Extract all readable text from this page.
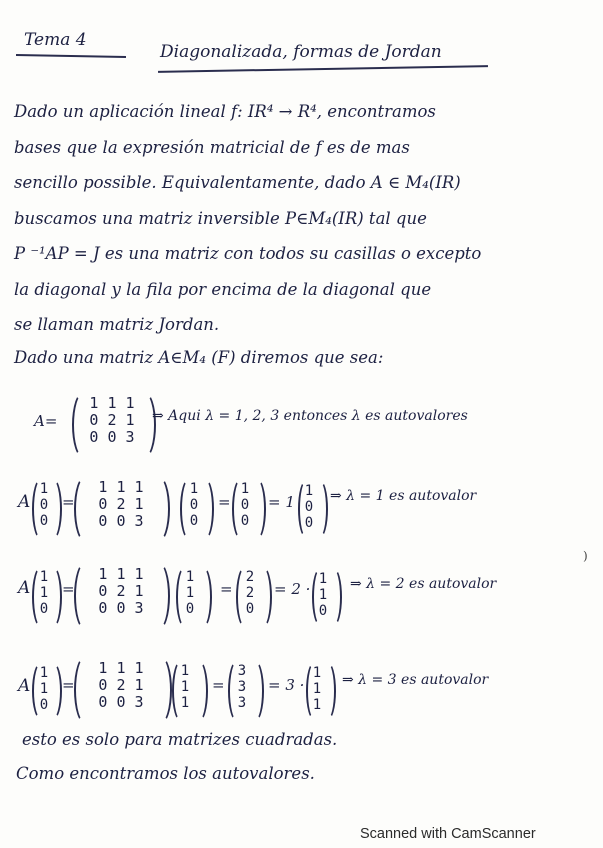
Tema 4
Diagonalizada, formas de Jordan
Dado un aplicación lineal f: IR⁴ → R⁴, encontramos
bases que la expresión matricial de f es de mas
sencillo possible. Equivalentamente, dado A ∈ M₄(IR)
buscamos una matriz inversible P∈M₄(IR) tal que
P ⁻¹AP = J es una matriz con todos su casillas o excepto
la diagonal y la fila por encima de la diagonal que
se llaman matriz Jordan.
Dado una matriz A∈M₄ (F) diremos que sea:
A=
1 1 1
0 2 1
0 0 3
⇒ Aqui λ = 1, 2, 3 entonces λ es autovalores
A
1
0
0
=
1 1 1
0 2 1
0 0 3
1
0
0
=
1
0
0
= 1
1
0
0
⇒ λ = 1 es autovalor
A
1
1
0
=
1 1 1
0 2 1
0 0 3
1
1
0
=
2
2
0
= 2 ·
1
1
0
⇒ λ = 2 es autovalor
A
1
1
0
=
1 1 1
0 2 1
0 0 3
1
1
1
=
3
3
3
= 3 ·
1
1
1
⇒ λ = 3 es autovalor
esto es solo para matrizes cuadradas.
Como encontramos los autovalores.
)
Scanned with CamScanner
